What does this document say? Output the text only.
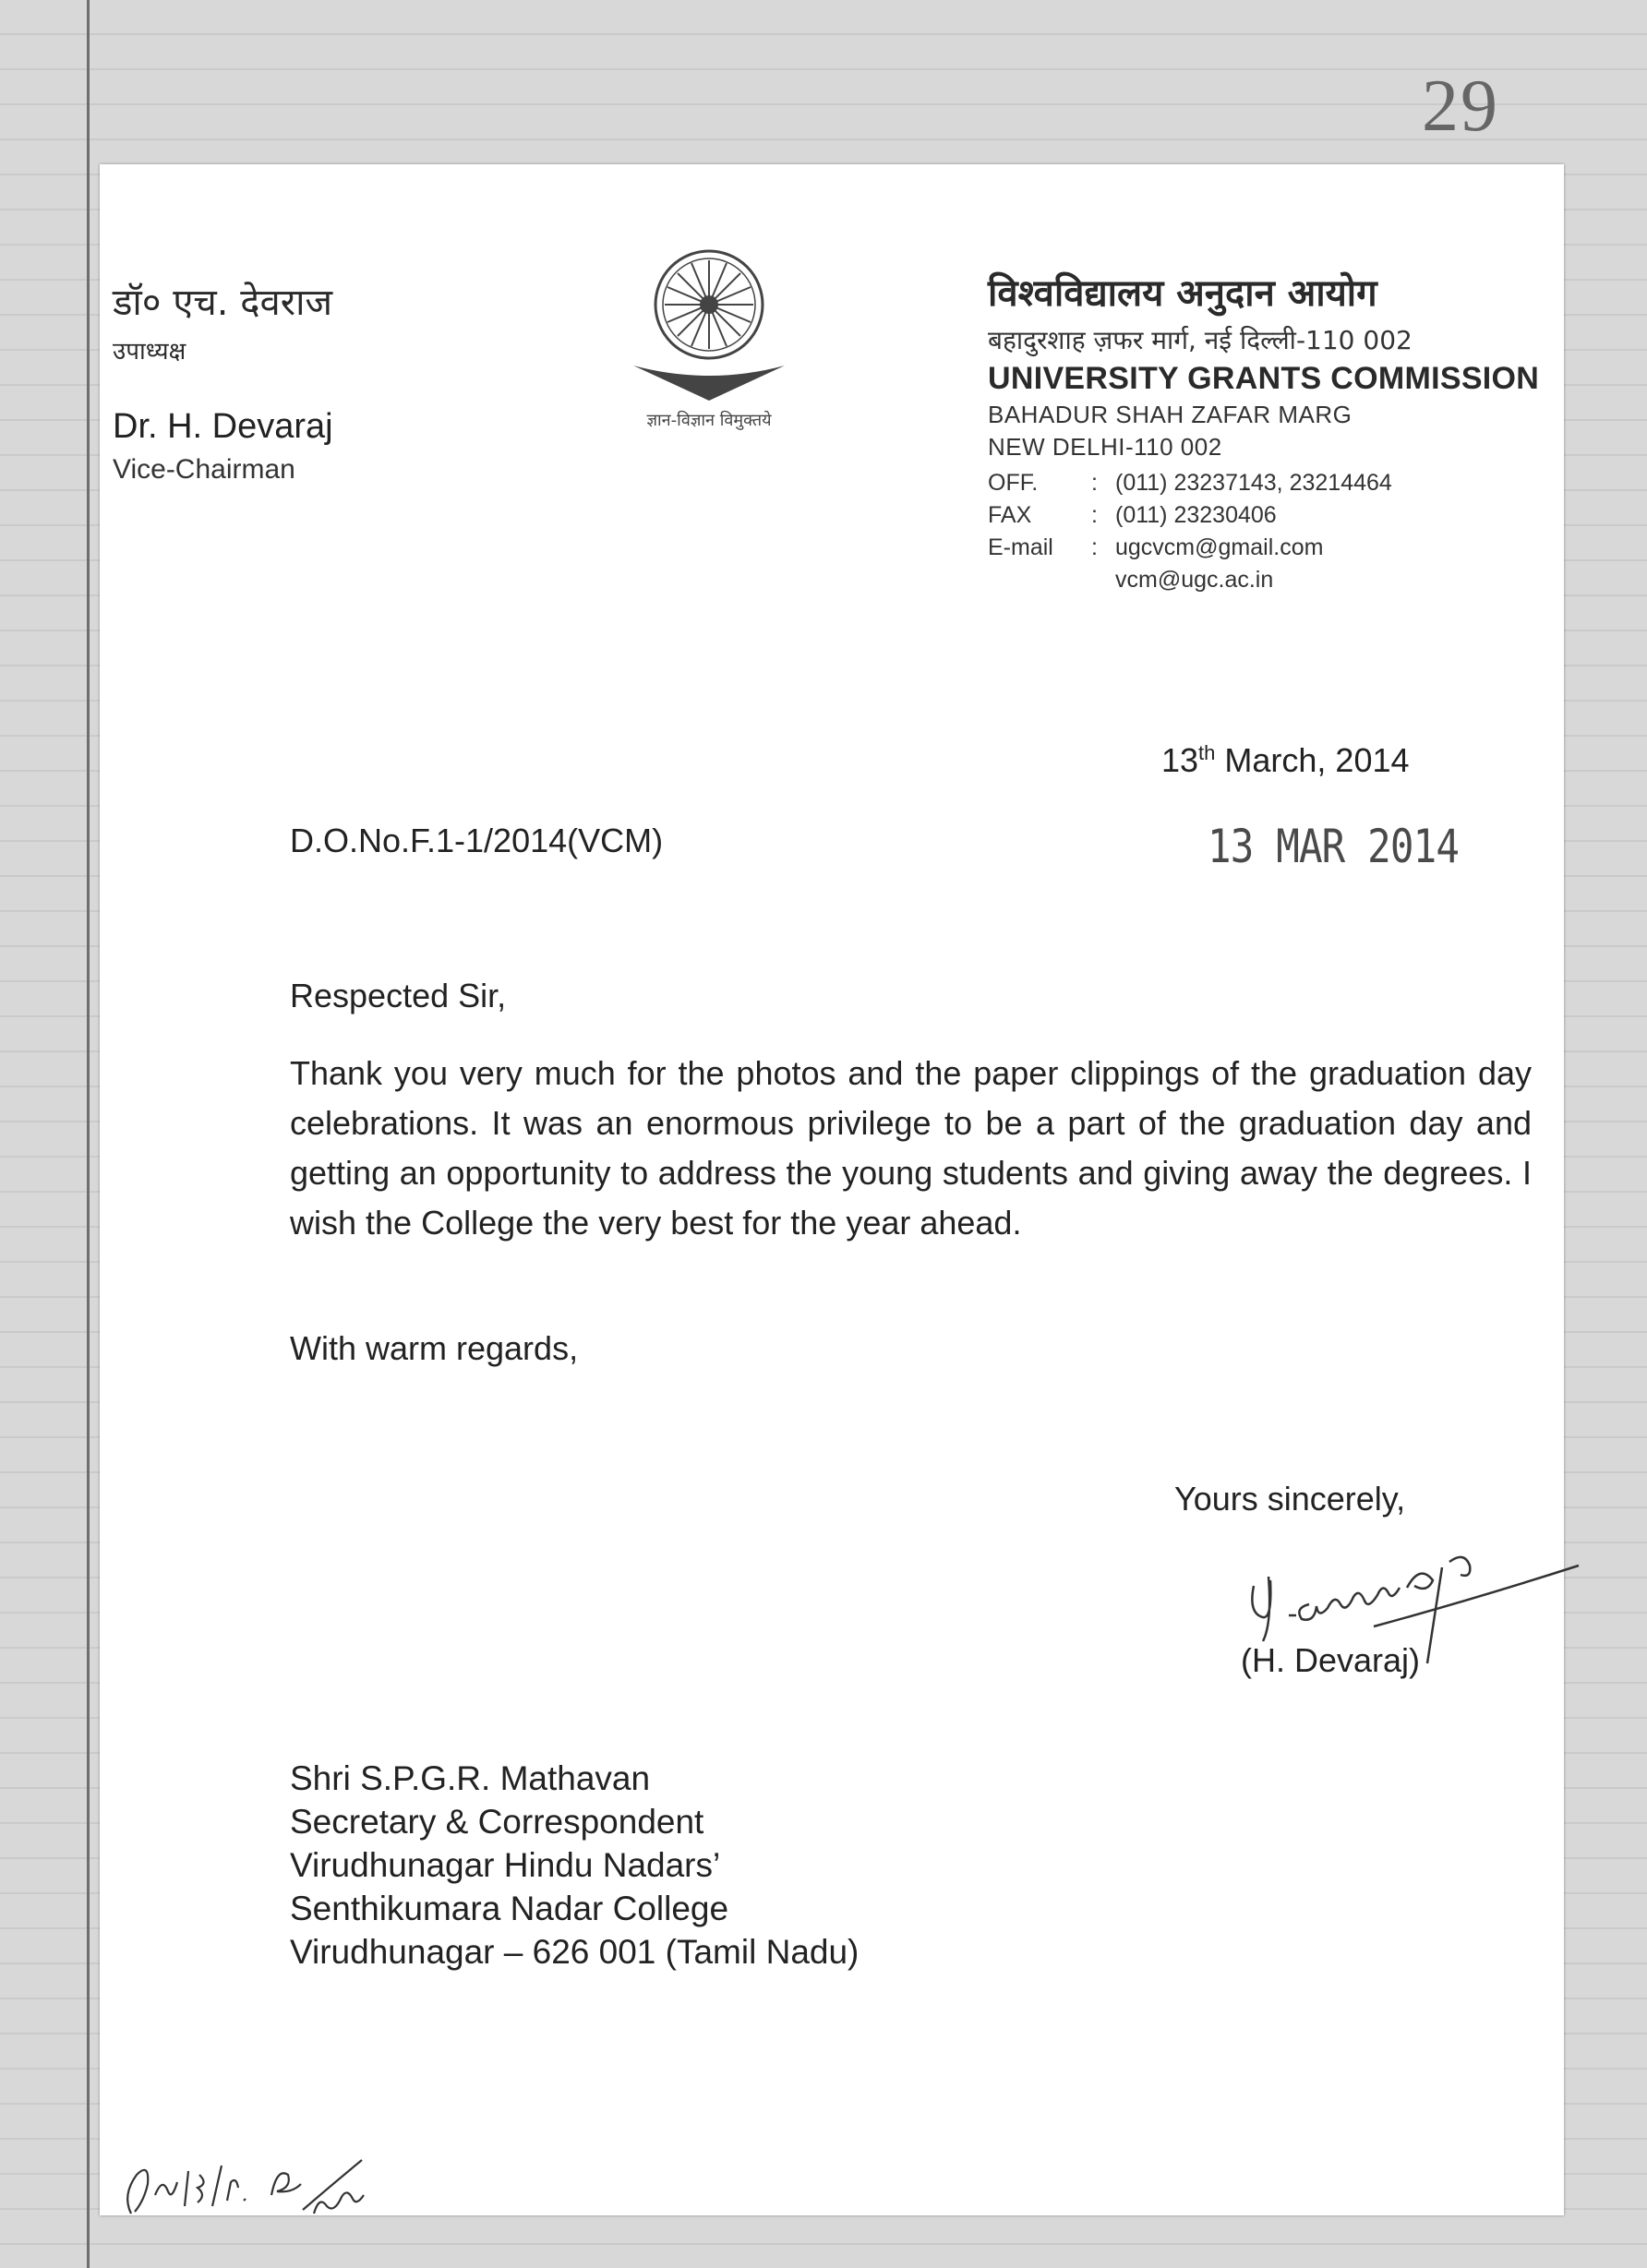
29
डॉ० एच. देवराज
उपाध्यक्ष
Dr. H. Devaraj
Vice-Chairman
ज्ञान-विज्ञान विमुक्तये
विश्वविद्यालय अनुदान आयोग
बहादुरशाह ज़फर मार्ग, नई दिल्ली-110 002
UNIVERSITY GRANTS COMMISSION
BAHADUR SHAH ZAFAR MARG
NEW DELHI-110 002
OFF.	: (011) 23237143, 23214464
FAX	: (011) 23230406
E-mail	: ugcvcm@gmail.com
vcm@ugc.ac.in
13th March, 2014
D.O.No.F.1-1/2014(VCM)	13 MAR 2014
Respected Sir,
Thank you very much for the photos and the paper clippings of the graduation day celebrations. It was an enormous privilege to be a part of the graduation day and getting an opportunity to address the young students and giving away the degrees. I wish the College the very best for the year ahead.
With warm regards,
Yours sincerely,
(H. Devaraj)
Shri S.P.G.R. Mathavan
Secretary & Correspondent
Virudhunagar Hindu Nadars’
Senthikumara Nadar College
Virudhunagar – 626 001 (Tamil Nadu)
